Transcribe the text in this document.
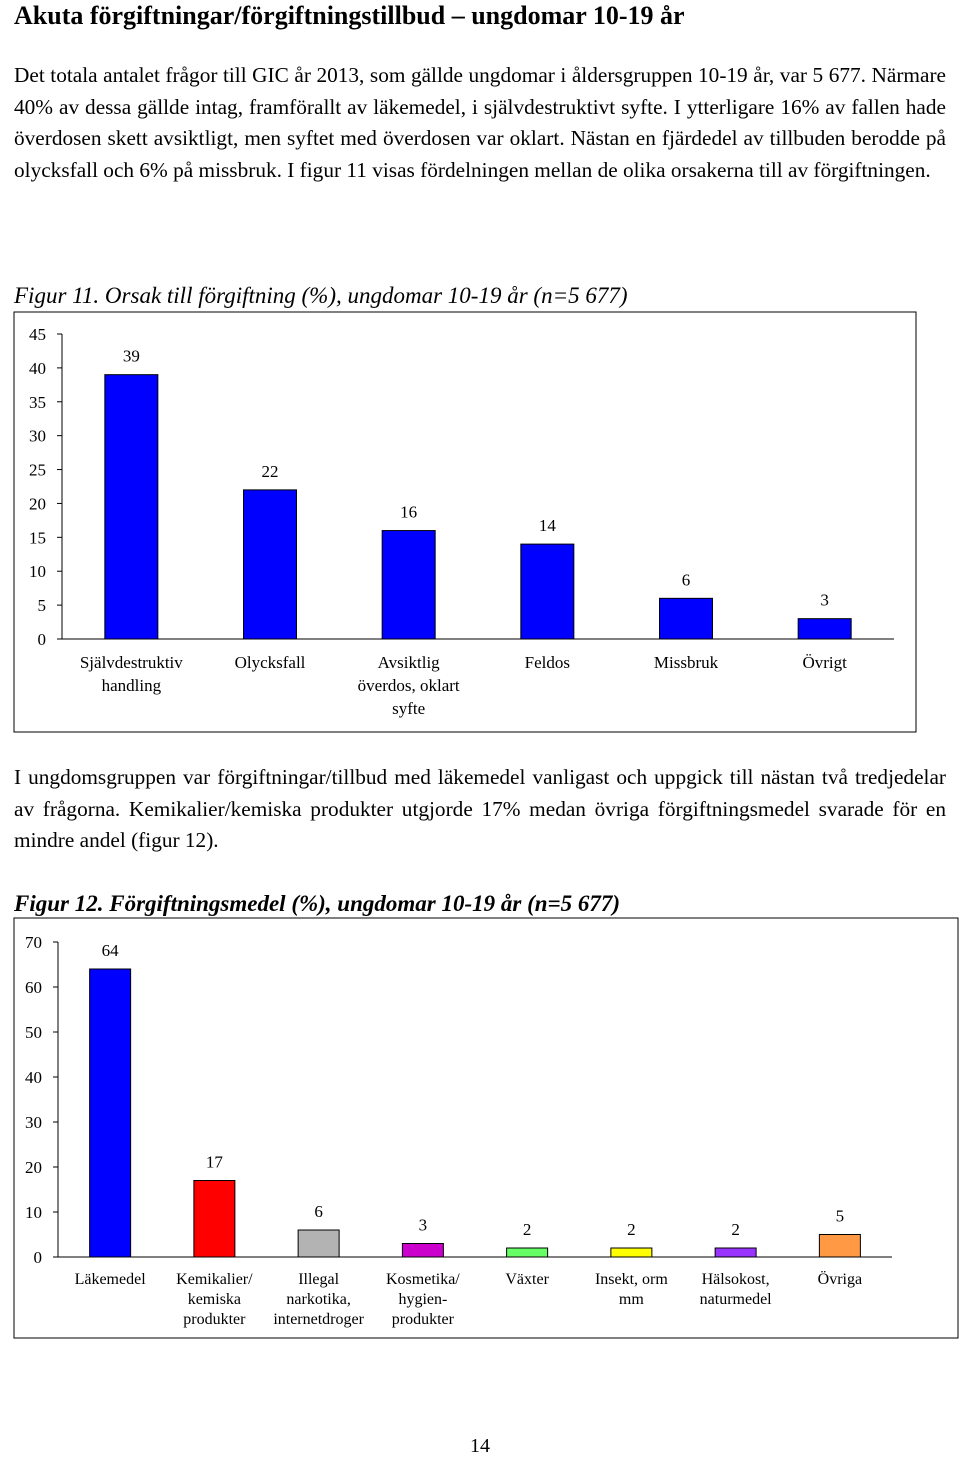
Akuta förgiftningar/förgiftningstillbud – ungdomar 10-19 år

Det totala antalet frågor till GIC år 2013, som gällde ungdomar i åldersgruppen 10-19 år, var 5 677. Närmare 40% av dessa gällde intag, framförallt av läkemedel, i självdestruktivt syfte. I ytterligare 16% av fallen hade överdosen skett avsiktligt, men syftet med överdosen var oklart. Nästan en fjärdedel av tillbuden berodde på olycksfall och 6% på missbruk. I figur 11 visas fördelningen mellan de olika orsakerna till av förgiftningen.

Figur 11. Orsak till förgiftning (%), ungdomar 10-19 år (n=5 677)
0
5
10
15
20
25
30
35
40
45
39
Självdestruktiv
handling
22
Olycksfall
16
Avsiktlig
överdos, oklart
syfte
14
Feldos
6
Missbruk
3
Övrigt

I ungdomsgruppen var förgiftningar/tillbud med läkemedel vanligast och uppgick till nästan två tredjedelar av frågorna. Kemikalier/kemiska produkter utgjorde 17% medan övriga förgiftningsmedel svarade för en mindre andel (figur 12).

Figur 12. Förgiftningsmedel (%), ungdomar 10-19 år (n=5 677)
0
10
20
30
40
50
60
70	64
Läkemedel
17
Kemikalier/
kemiska
produkter
6
Illegal
narkotika,
internetdroger
3
Kosmetika/
hygien-
produkter
2
Växter
2
Insekt, orm
mm
2
Hälsokost,
naturmedel
5
Övriga
14
